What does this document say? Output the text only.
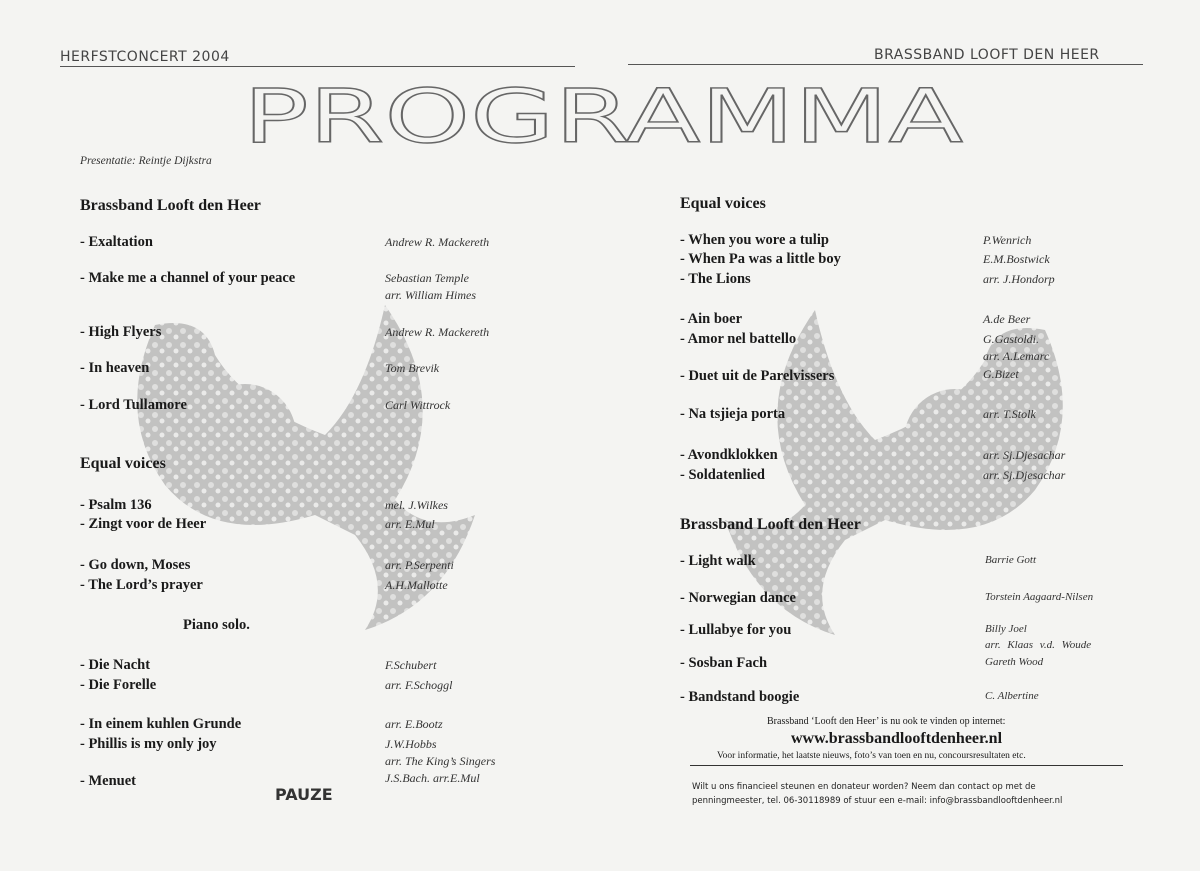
HERFSTCONCERT 2004	BRASSBAND LOOFT DEN HEER
PROGRAMMA
Presentatie: Reintje Dijkstra
Brassband Looft den Heer
- Exaltation	Andrew R. Mackereth
- Make me a channel of your peace	Sebastian Temple
arr. William Himes
- High Flyers	Andrew R. Mackereth
- In heaven	Tom Brevik
- Lord Tullamore	Carl Wittrock
Equal voices
- Psalm 136	mel. J.Wilkes
- Zingt voor de Heer	arr. E.Mul
- Go down, Moses	arr. P.Serpenti
- The Lord’s prayer	A.H.Mallotte
Piano solo.
- Die Nacht	F.Schubert
- Die Forelle	arr. F.Schoggl
- In einem kuhlen Grunde	arr. E.Bootz
- Phillis is my only joy	J.W.Hobbs
arr. The King’s Singers
- Menuet	J.S.Bach. arr.E.Mul
PAUZE
Equal voices
- When you wore a tulip	P.Wenrich
- When Pa was a little boy	E.M.Bostwick
- The Lions	arr. J.Hondorp
- Ain boer	A.de Beer
- Amor nel battello	G.Gastoldi.
arr. A.Lemarc
- Duet uit de Parelvissers	G.Bizet
- Na tsjieja porta	arr. T.Stolk
- Avondklokken	arr. Sj.Djesachar
- Soldatenlied	arr. Sj.Djesachar
Brassband Looft den Heer
- Light walk	Barrie Gott
- Norwegian dance	Torstein Aagaard-Nilsen
- Lullabye for you	Billy Joel
arr. Klaas v.d. Woude
- Sosban Fach	Gareth Wood
- Bandstand boogie	C. Albertine
Brassband ‘Looft den Heer’ is nu ook te vinden op internet:
www.brassbandlooftdenheer.nl
Voor informatie, het laatste nieuws, foto’s van toen en nu, concoursresultaten etc.
Wilt u ons financieel steunen en donateur worden? Neem dan contact op met de
penningmeester, tel. 06-30118989 of stuur een e-mail: info@brassbandlooftdenheer.nl
